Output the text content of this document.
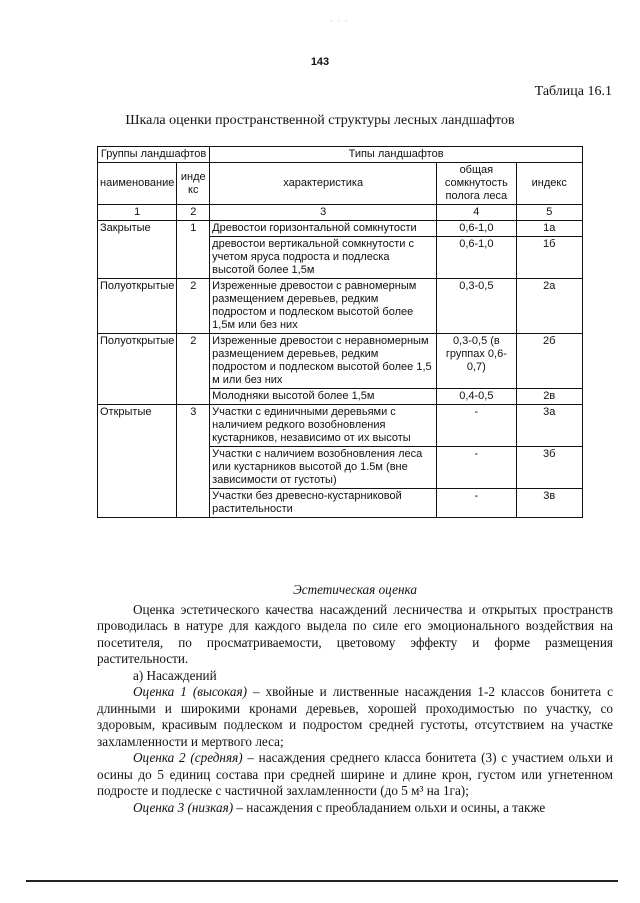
· · ·
143
Таблица 16.1
Шкала оценки пространственной структуры лесных ландшафтов
Группы ландшафтов		Типы ландшафтов		
наименование	индекс	характеристика	общая сомкнутость полога леса	индекс
1	2	3	4	5
Закрытые	1	Древостои горизонтальной сомкнутости	0,6-1,0	1а
		древостои вертикальной сомкнутости с учетом яруса подроста и подлеска высотой более 1,5м	0,6-1,0	1б
Полуоткрытые	2	Изреженные древостои с равномерным размещением деревьев, редким подростом и подлеском высотой более 1,5м или без них	0,3-0,5	2а
Полуоткрытые	2	Изреженные древостои с неравномерным размещением деревьев, редким подростом и подлеском высотой более 1,5 м или без них	0,3-0,5 (в группах 0,6-0,7)	2б
		Молодняки высотой более 1,5м	0,4-0,5	2в
Открытые	3	Участки с единичными деревьями с наличием редкого возобновления кустарников, независимо от их высоты	-	3а
		Участки с наличием возобновления леса или кустарников высотой до 1.5м (вне зависимости от густоты)	-	3б
		Участки без древесно-кустарниковой растительности	-	3в

Эстетическая оценка

Оценка эстетического качества насаждений лесничества и открытых пространств проводилась в натуре для каждого выдела по силе его эмоционального воздействия на посетителя, по просматриваемости, цветовому эффекту и форме размещения растительности.

а) Насаждений

Оценка 1 (высокая) – хвойные и лиственные насаждения 1-2 классов бонитета с длинными и широкими кронами деревьев, хорошей проходимостью по участку, со здоровым, красивым подлеском и подростом средней густоты, отсутствием на участке захламленности и мертвого леса;

Оценка 2 (средняя) – насаждения среднего класса бонитета (3) с участием ольхи и осины до 5 единиц состава при средней ширине и длине крон, густом или угнетенном подросте и подлеске с частичной захламленности (до 5 м³ на 1га);

Оценка 3 (низкая) – насаждения с преобладанием ольхи и осины, а также
